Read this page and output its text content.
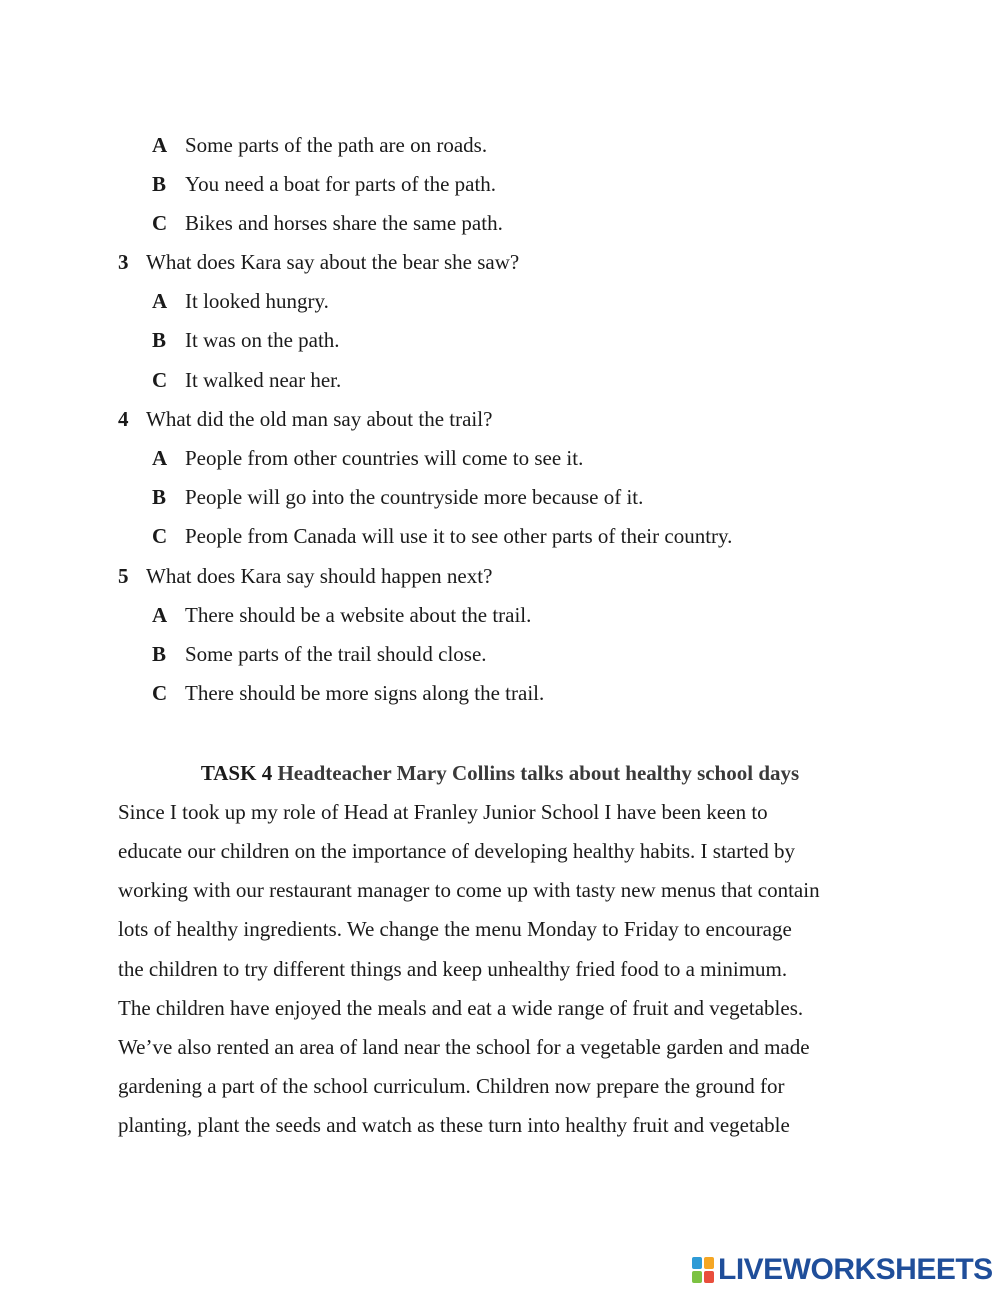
A Some parts of the path are on roads.
B You need a boat for parts of the path.
C Bikes and horses share the same path.
3 What does Kara say about the bear she saw?
A It looked hungry.
B It was on the path.
C It walked near her.
4 What did the old man say about the trail?
A People from other countries will come to see it.
B People will go into the countryside more because of it.
C People from Canada will use it to see other parts of their country.
5 What does Kara say should happen next?
A There should be a website about the trail.
B Some parts of the trail should close.
C There should be more signs along the trail.
TASK 4 Headteacher Mary Collins talks about healthy school days
Since I took up my role of Head at Franley Junior School I have been keen to
educate our children on the importance of developing healthy habits. I started by
working with our restaurant manager to come up with tasty new menus that contain
lots of healthy ingredients. We change the menu Monday to Friday to encourage
the children to try different things and keep unhealthy fried food to a minimum.
The children have enjoyed the meals and eat a wide range of fruit and vegetables.
We’ve also rented an area of land near the school for a vegetable garden and made
gardening a part of the school curriculum. Children now prepare the ground for
planting, plant the seeds and watch as these turn into healthy fruit and vegetable
LIVEWORKSHEETS
